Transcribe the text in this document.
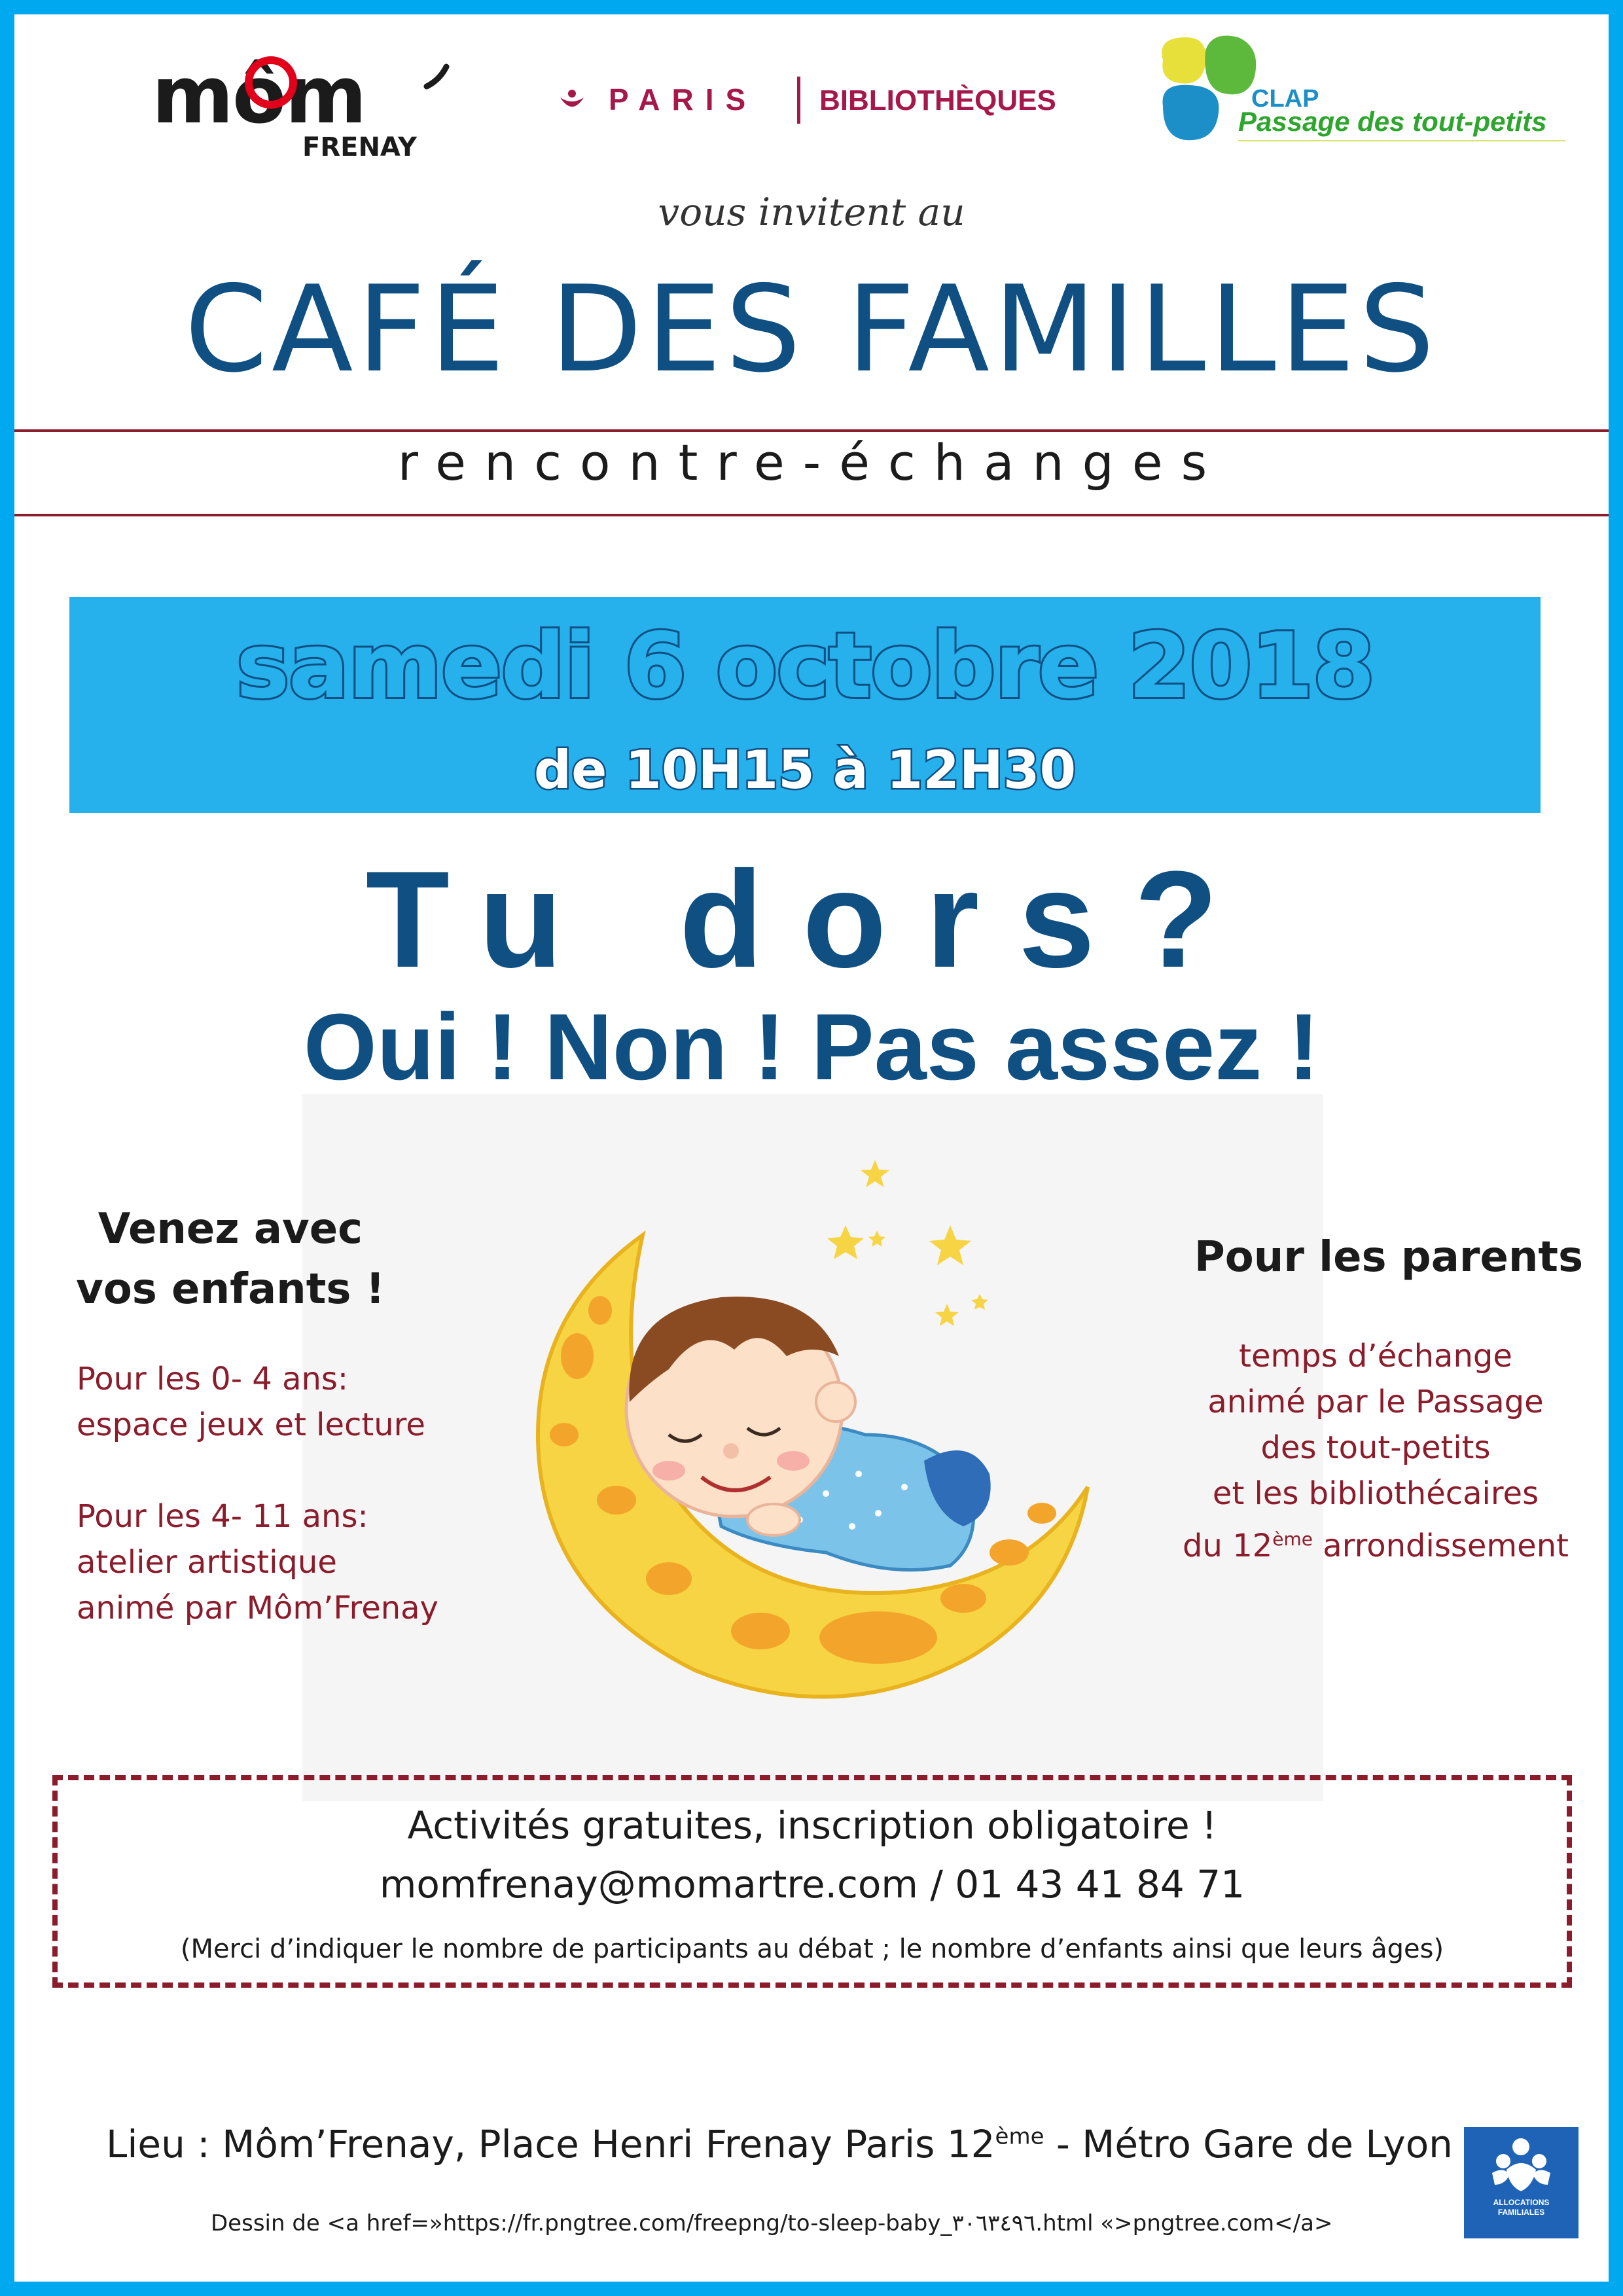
môm
FRENAY
PARIS BIBLIOTHÈQUES	CLAP
Passage des tout-petits
vous invitent au
CAFÉ DES FAMILLES
rencontre-échanges
samedi 6 octobre 2018
de 10H15 à 12H30
Tu dors?
Oui ! Non ! Pas assez !
Venez avec
vos enfants !
Pour les 0- 4 ans:
espace jeux et lecture
Pour les 4- 11 ans:
atelier artistique
animé par Môm’Frenay
Pour les parents
temps d’échange
animé par le Passage
des tout-petits
et les bibliothécaires
du 12ème arrondissement
Activités gratuites, inscription obligatoire !
momfrenay@momartre.com / 01 43 41 84 71
(Merci d’indiquer le nombre de participants au débat ; le nombre d’enfants ainsi que leurs âges)
Lieu : Môm’Frenay, Place Henri Frenay Paris 12ème - Métro Gare de Lyon
Dessin de <a href=»https://fr.pngtree.com/freepng/to-sleep-baby_٣٠٦٣٤٩٦.html «>pngtree.com</a>
ALLOCATIONS
FAMILIALES
